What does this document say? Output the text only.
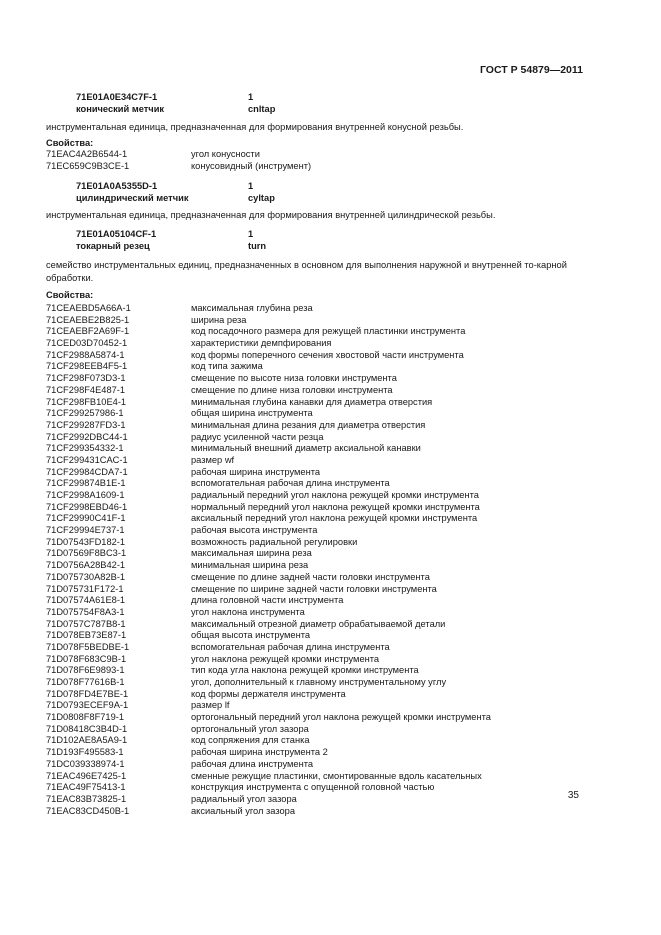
ГОСТ Р 54879—2011
71E01A0E34C7F-1	1
конический метчик	cnltap
инструментальная единица, предназначенная для формирования внутренней конусной резьбы.
Свойства:
71EAC4A2B6544-1	угол конусности
71EC659C9B3CE-1	конусовидный (инструмент)
71E01A0A5355D-1	1
цилиндрический метчик	cyltap
инструментальная единица, предназначенная для формирования внутренней цилиндрической резьбы.
71E01A05104CF-1	1
токарный резец	turn
семейство инструментальных единиц, предназначенных в основном для выполнения наружной и внутренней то-карной обработки.
Свойства:
71CEAEBD5A66A-1	максимальная глубина реза
71CEAEBE2B825-1	ширина реза
71CEAEBF2A69F-1	код посадочного размера для режущей пластинки инструмента
71CED03D70452-1	характеристики демпфирования
71CF2988A5874-1	код формы поперечного сечения хвостовой части инструмента
71CF298EEB4F5-1	код типа зажима
71CF298F073D3-1	смещение по высоте низа головки инструмента
71CF298F4E487-1	смещение по длине низа головки инструмента
71CF298FB10E4-1	минимальная глубина канавки для диаметра отверстия
71CF299257986-1	общая ширина инструмента
71CF299287FD3-1	минимальная длина резания для диаметра отверстия
71CF2992DBC44-1	радиус усиленной части резца
71CF299354332-1	минимальный внешний диаметр аксиальной канавки
71CF299431CAC-1	размер wf
71CF29984CDA7-1	рабочая ширина инструмента
71CF299874B1E-1	вспомогательная рабочая длина инструмента
71CF2998A1609-1	радиальный передний угол наклона режущей кромки инструмента
71CF2998EBD46-1	нормальный передний угол наклона режущей кромки инструмента
71CF29990C41F-1	аксиальный передний угол наклона режущей кромки инструмента
71CF29994E737-1	рабочая высота инструмента
71D07543FD182-1	возможность радиальной регулировки
71D07569F8BC3-1	максимальная ширина реза
71D0756A28B42-1	минимальная ширина реза
71D075730A82B-1	смещение по длине задней части головки инструмента
71D075731F172-1	смещение по ширине задней части головки инструмента
71D07574A61E8-1	длина головной части инструмента
71D075754F8A3-1	угол наклона инструмента
71D0757C787B8-1	максимальный отрезной диаметр обрабатываемой детали
71D078EB73E87-1	общая высота инструмента
71D078F5BEDBE-1	вспомогательная рабочая длина инструмента
71D078F683C9B-1	угол наклона режущей кромки инструмента
71D078F6E9893-1	тип кода угла наклона режущей кромки инструмента
71D078F77616B-1	угол, дополнительный к главному инструментальному углу
71D078FD4E7BE-1	код формы держателя инструмента
71D0793ECEF9A-1	размер lf
71D0808F8F719-1	ортогональный передний угол наклона режущей кромки инструмента
71D08418C3B4D-1	ортогональный угол зазора
71D102AE8A5A9-1	код сопряжения для станка
71D193F495583-1	рабочая ширина инструмента 2
71DC039338974-1	рабочая длина инструмента
71EAC496E7425-1	сменные режущие пластинки, смонтированные вдоль касательных
71EAC49F75413-1	конструкция инструмента с опущенной головной частью
71EAC83B73825-1	радиальный угол зазора
71EAC83CD450B-1	аксиальный угол зазора
35
